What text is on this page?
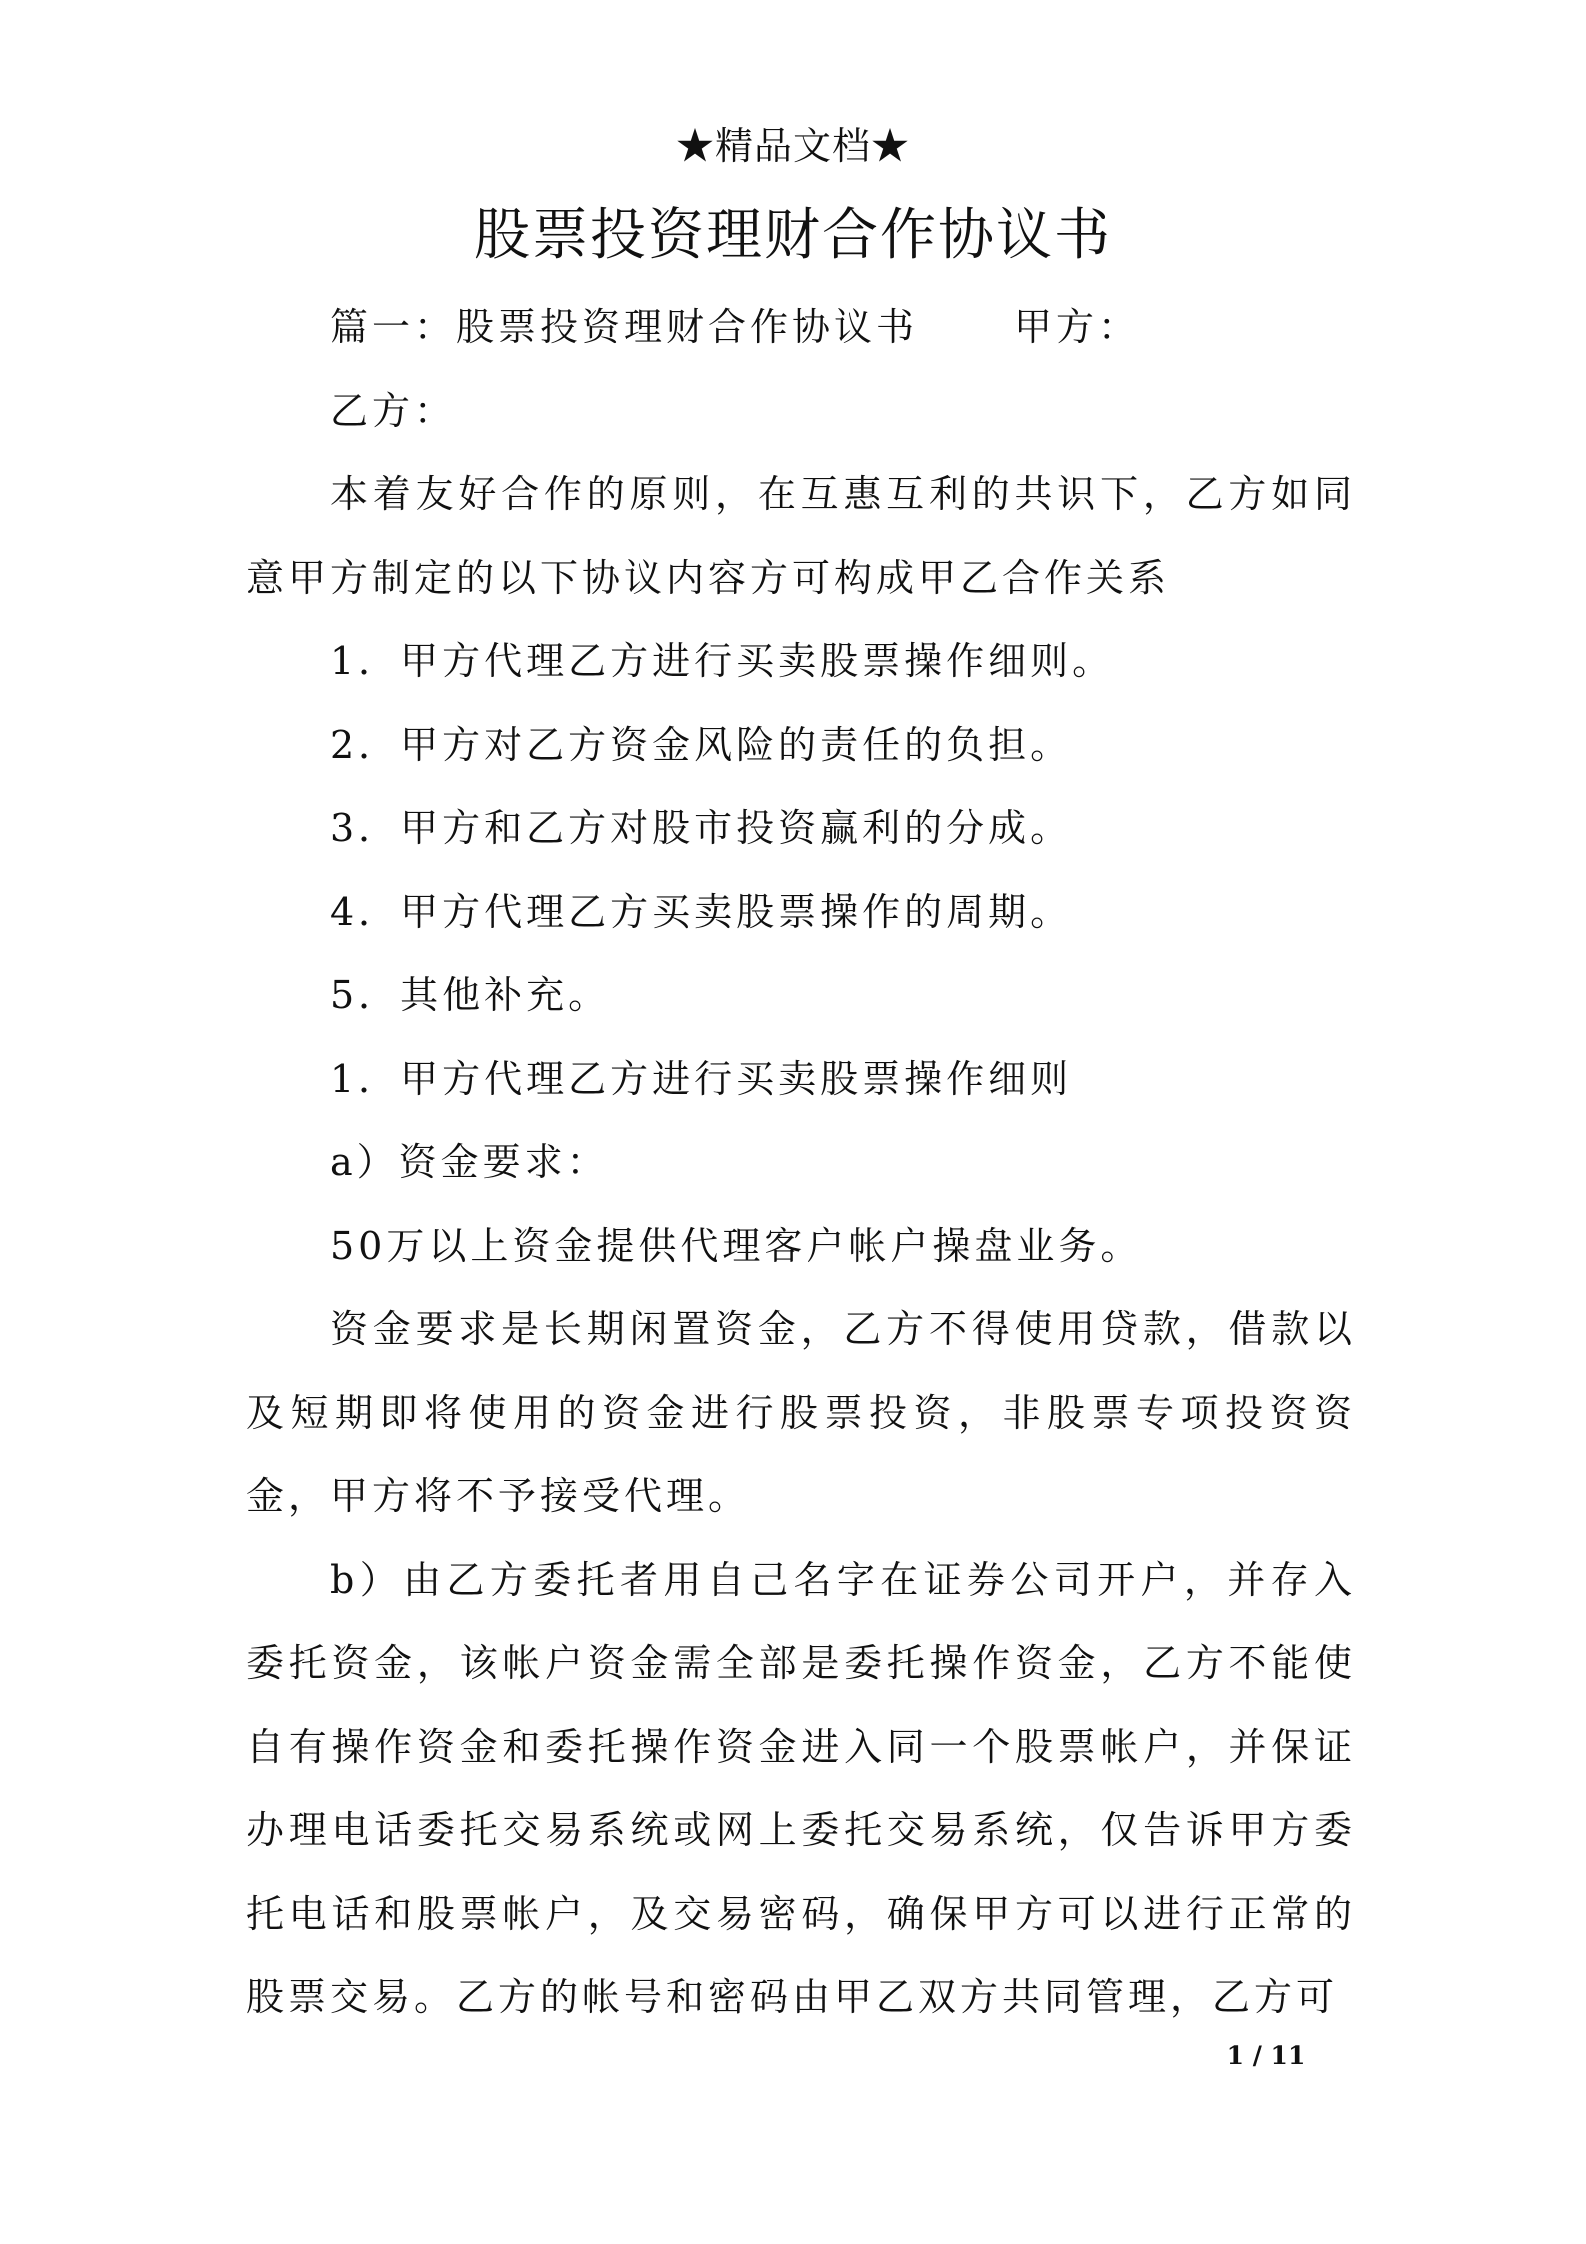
★精品文档★
股票投资理财合作协议书

篇一：股票投资理财合作协议书	甲方：

乙方：

本着友好合作的原则，在互惠互利的共识下，乙方如同意甲方制定的以下协议内容方可构成甲乙合作关系

1．甲方代理乙方进行买卖股票操作细则。

2．甲方对乙方资金风险的责任的负担。

3．甲方和乙方对股市投资赢利的分成。

4．甲方代理乙方买卖股票操作的周期。

5．其他补充。

1．甲方代理乙方进行买卖股票操作细则

a）资金要求：

50万以上资金提供代理客户帐户操盘业务。

资金要求是长期闲置资金，乙方不得使用贷款，借款以及短期即将使用的资金进行股票投资，非股票专项投资资金，甲方将不予接受代理。

b）由乙方委托者用自己名字在证券公司开户，并存入委托资金，该帐户资金需全部是委托操作资金，乙方不能使自有操作资金和委托操作资金进入同一个股票帐户，并保证办理电话委托交易系统或网上委托交易系统，仅告诉甲方委托电话和股票帐户，及交易密码，确保甲方可以进行正常的股票交易。乙方的帐号和密码由甲乙双方共同管理，乙方可

1 / 11
